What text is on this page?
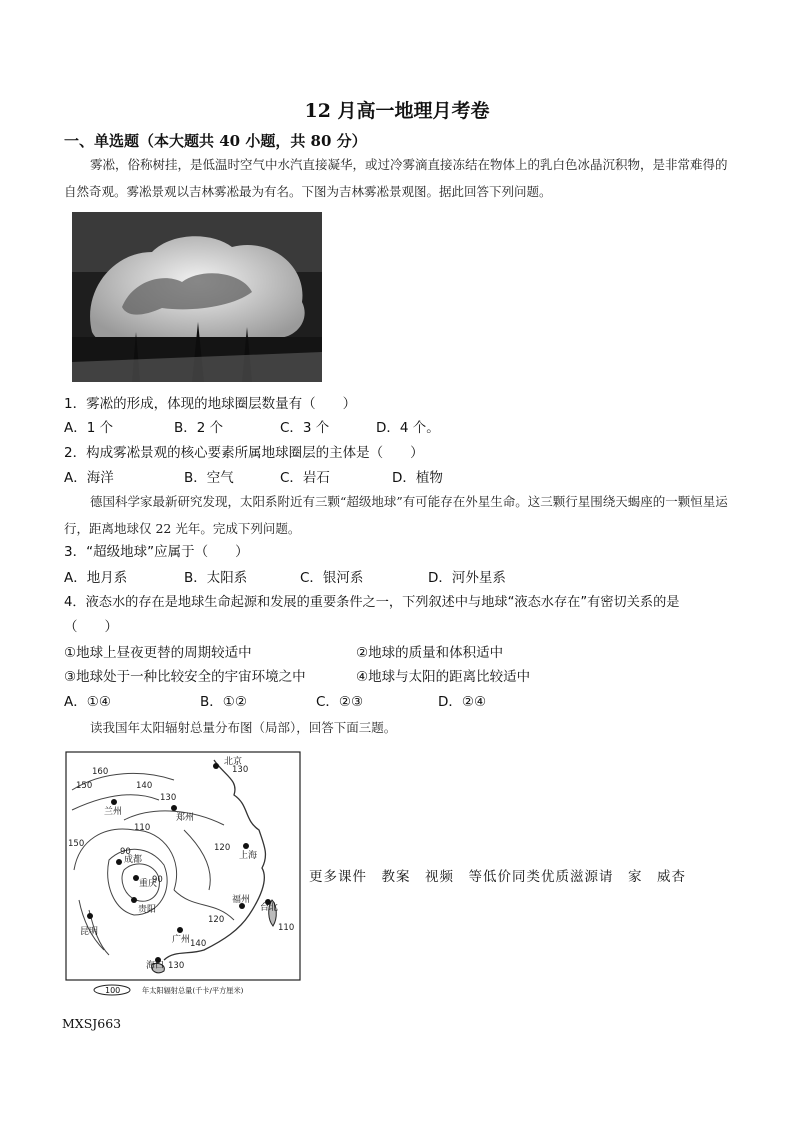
12 月高一地理月考卷
一、单选题（本大题共 40 小题，共 80 分）
雾凇，俗称树挂，是低温时空气中水汽直接凝华，或过冷雾滴直接冻结在物体上的乳白色冰晶沉积物，是非常难得的自然奇观。雾凇景观以吉林雾凇最为有名。下图为吉林雾凇景观图。据此回答下列问题。
1．雾凇的形成，体现的地球圈层数量有（　　）
A．1 个	B．2 个	C．3 个	D．4 个。
2．构成雾凇景观的核心要素所属地球圈层的主体是（　　）
A．海洋	B．空气	C．岩石	D．植物
德国科学家最新研究发现，太阳系附近有三颗“超级地球”有可能存在外星生命。这三颗行星围绕天蝎座的一颗恒星运行，距离地球仅 22 光年。完成下列问题。
3．“超级地球”应属于（　　）
A．地月系	B．太阳系	C．银河系	D．河外星系
4．液态水的存在是地球生命起源和发展的重要条件之一，下列叙述中与地球“液态水存在”有密切关系的是
（　　）
①地球上昼夜更替的周期较适中	②地球的质量和体积适中
③地球处于一种比较安全的宇宙环境之中	④地球与太阳的距离比较适中
A．①④	B．①②	C．②③	D．②④
读我国年太阳辐射总量分布图（局部），回答下面三题。
北京
兰州
郑州
成都
重庆
上海
贵阳
昆明
福州
台北
广州
海口
160
150	140
130
110
90	120
150
90
130
110
140
120
130
100	年太阳辐射总量(千卡/平方厘米)
更多课件　教案　视频　等低价同类优质滋源请　家　威杏
MXSJ663
